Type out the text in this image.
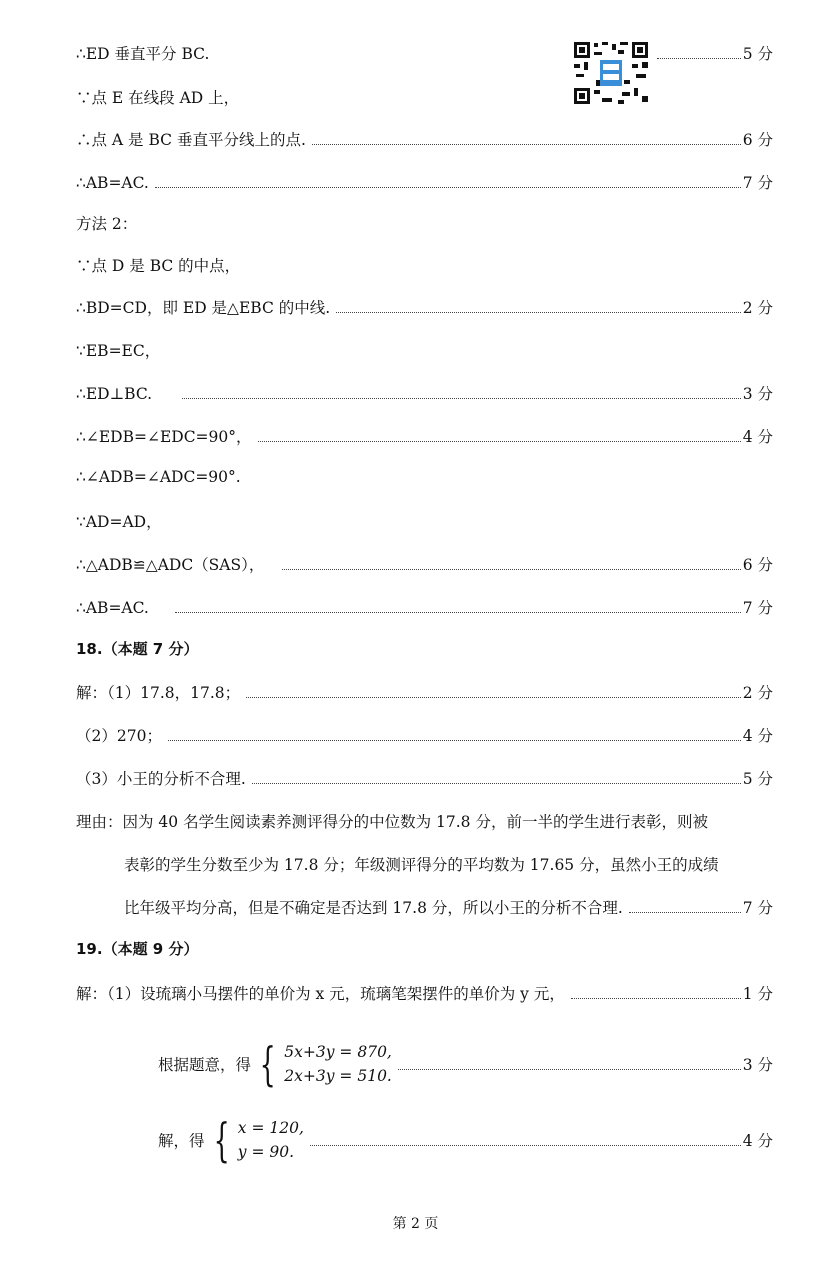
∴ED 垂直平分 BC.	5 分
∵点 E 在线段 AD 上，
∴点 A 是 BC 垂直平分线上的点.	6 分
∴AB=AC.	7 分
方法 2：
∵点 D 是 BC 的中点，
∴BD=CD，即 ED 是△EBC 的中线.	2 分
∵EB=EC，
∴ED⊥BC.	3 分
∴∠EDB=∠EDC=90°，	4 分
∴∠ADB=∠ADC=90°.
∵AD=AD，
∴△ADB≌△ADC（SAS），	6 分
∴AB=AC.	7 分
18.（本题 7 分）
解：（1）17.8，17.8；	2 分
（2）270；	4 分
（3）小王的分析不合理.	5 分
理由：因为 40 名学生阅读素养测评得分的中位数为 17.8 分，前一半的学生进行表彰，则被
表彰的学生分数至少为 17.8 分；年级测评得分的平均数为 17.65 分，虽然小王的成绩
比年级平均分高，但是不确定是否达到 17.8 分，所以小王的分析不合理.	7 分
19.（本题 9 分）
解：（1）设琉璃小马摆件的单价为 x 元，琉璃笔架摆件的单价为 y 元，	1 分
根据题意，得 { 5x+3y = 870,
2x+3y = 510.
3 分
解，得 { x = 120,
y = 90.
4 分
第 2 页
